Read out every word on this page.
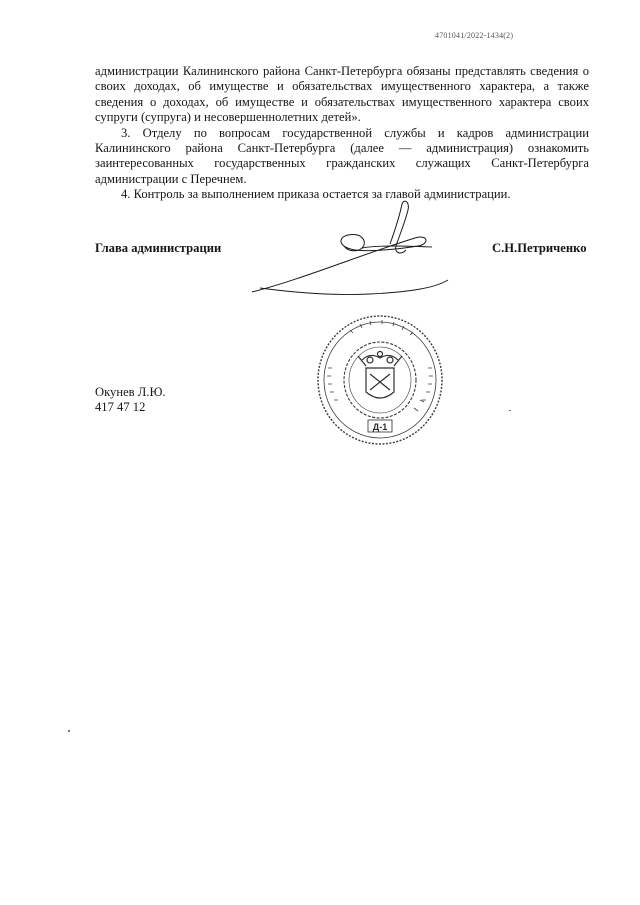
4701041/2022-1434(2)

администрации Калининского района Санкт-Петербурга обязаны представлять сведения о своих доходах, об имуществе и обязательствах имущественного характера, а также сведения о доходах, об имуществе и обязательствах имущественного характера своих супруги (супруга) и несовершеннолетних детей».

3. Отделу по вопросам государственной службы и кадров администрации Калининского района Санкт-Петербурга (далее — администрация) ознакомить заинтересованных государственных гражданских служащих Санкт-Петербурга администрации с Перечнем.

4. Контроль за выполнением приказа остается за главой администрации.

Глава администрации	С.Н.Петриченко
Д-1
Окунев Л.Ю.
417 47 12
